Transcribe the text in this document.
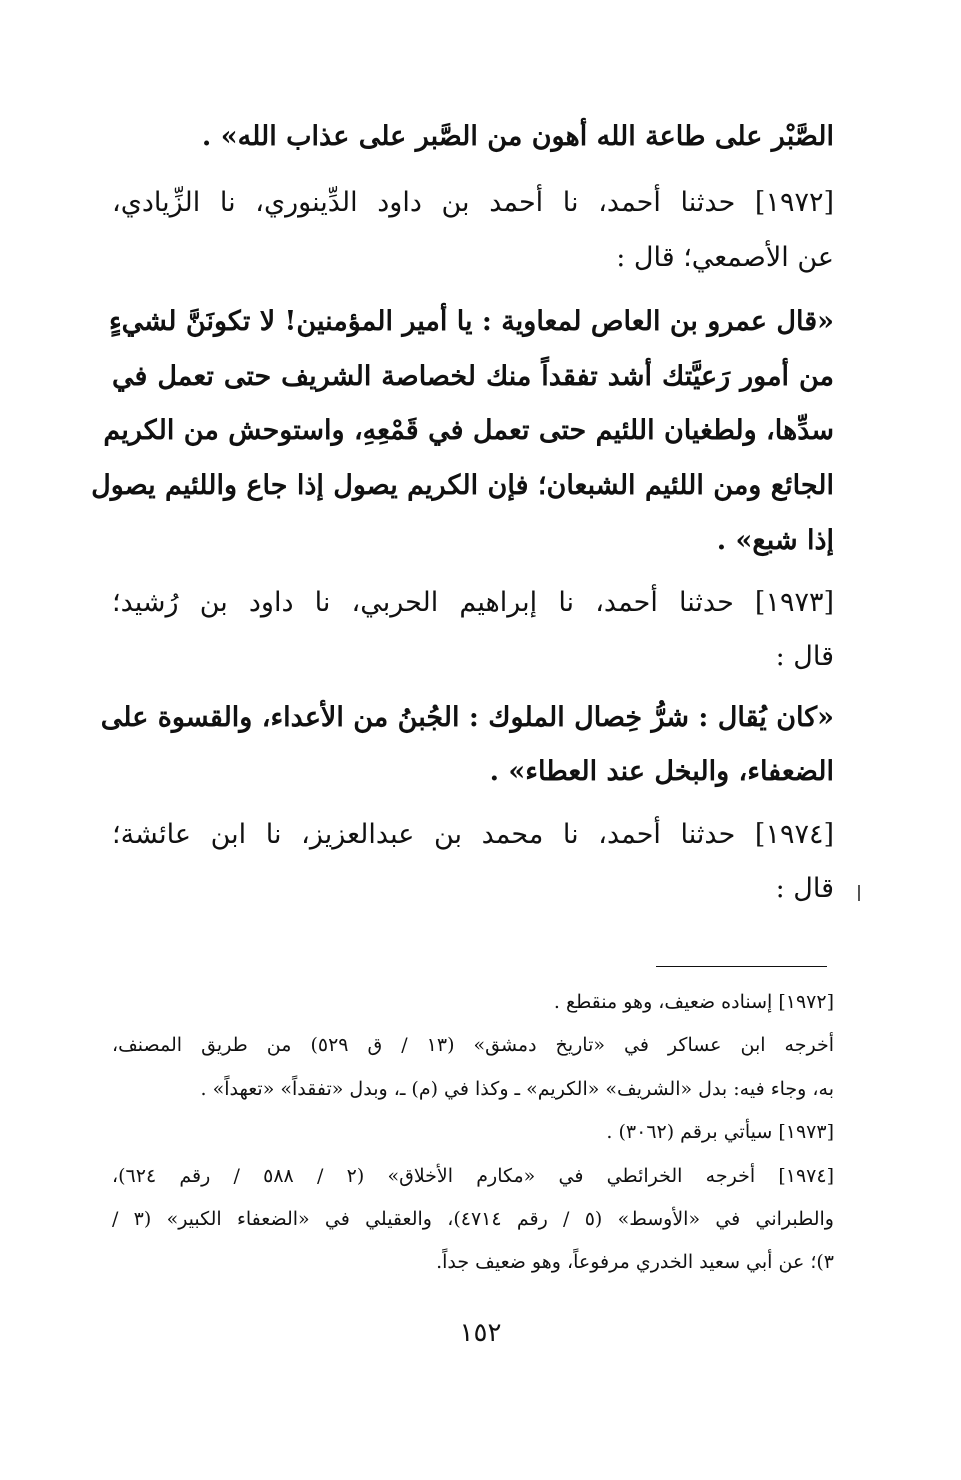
الصَّبْر على طاعة الله أهون من الصَّبر على عذاب الله» .
[١٩٧٢] حدثنا أحمد، نا أحمد بن داود الدِّينوري، نا الزِّيادي،
عن الأصمعي؛ قال :
«قال عمرو بن العاص لمعاوية : يا أمير المؤمنين! لا تكونَنَّ لشيءٍ
من أمور رَعيَّتك أشد تفقداً منك لخصاصة الشريف حتى تعمل في
سدِّها، ولطغيان اللئيم حتى تعمل في قَمْعِهِ، واستوحش من الكريم
الجائع ومن اللئيم الشبعان؛ فإن الكريم يصول إذا جاع واللئيم يصول
إذا شبع» .
[١٩٧٣] حدثنا أحمد، نا إبراهيم الحربي، نا داود بن رُشيد؛
قال :
«كان يُقال : شرُّ خِصال الملوك : الجُبنُ من الأعداء، والقسوة على
الضعفاء، والبخل عند العطاء» .
[١٩٧٤] حدثنا أحمد، نا محمد بن عبدالعزيز، نا ابن عائشة؛
قال :
[١٩٧٢] إسناده ضعيف، وهو منقطع .
أخرجه ابن عساكر في «تاريخ دمشق» (١٣ / ق ٥٢٩) من طريق المصنف،
به، وجاء فيه: بدل «الشريف» «الكريم» ـ وكذا في (م) ـ، وبدل «تفقداً» «تعهداً» .
[١٩٧٣] سيأتي برقم (٣٠٦٢) .
[١٩٧٤] أخرجه الخرائطي في «مكارم الأخلاق» (٢ / ٥٨٨ / رقم ٦٢٤)،
والطبراني في «الأوسط» (٥ / رقم ٤٧١٤)، والعقيلي في «الضعفاء الكبير» (٣ /
٣)؛ عن أبي سعيد الخدري مرفوعاً، وهو ضعيف جداً.
١٥٢
